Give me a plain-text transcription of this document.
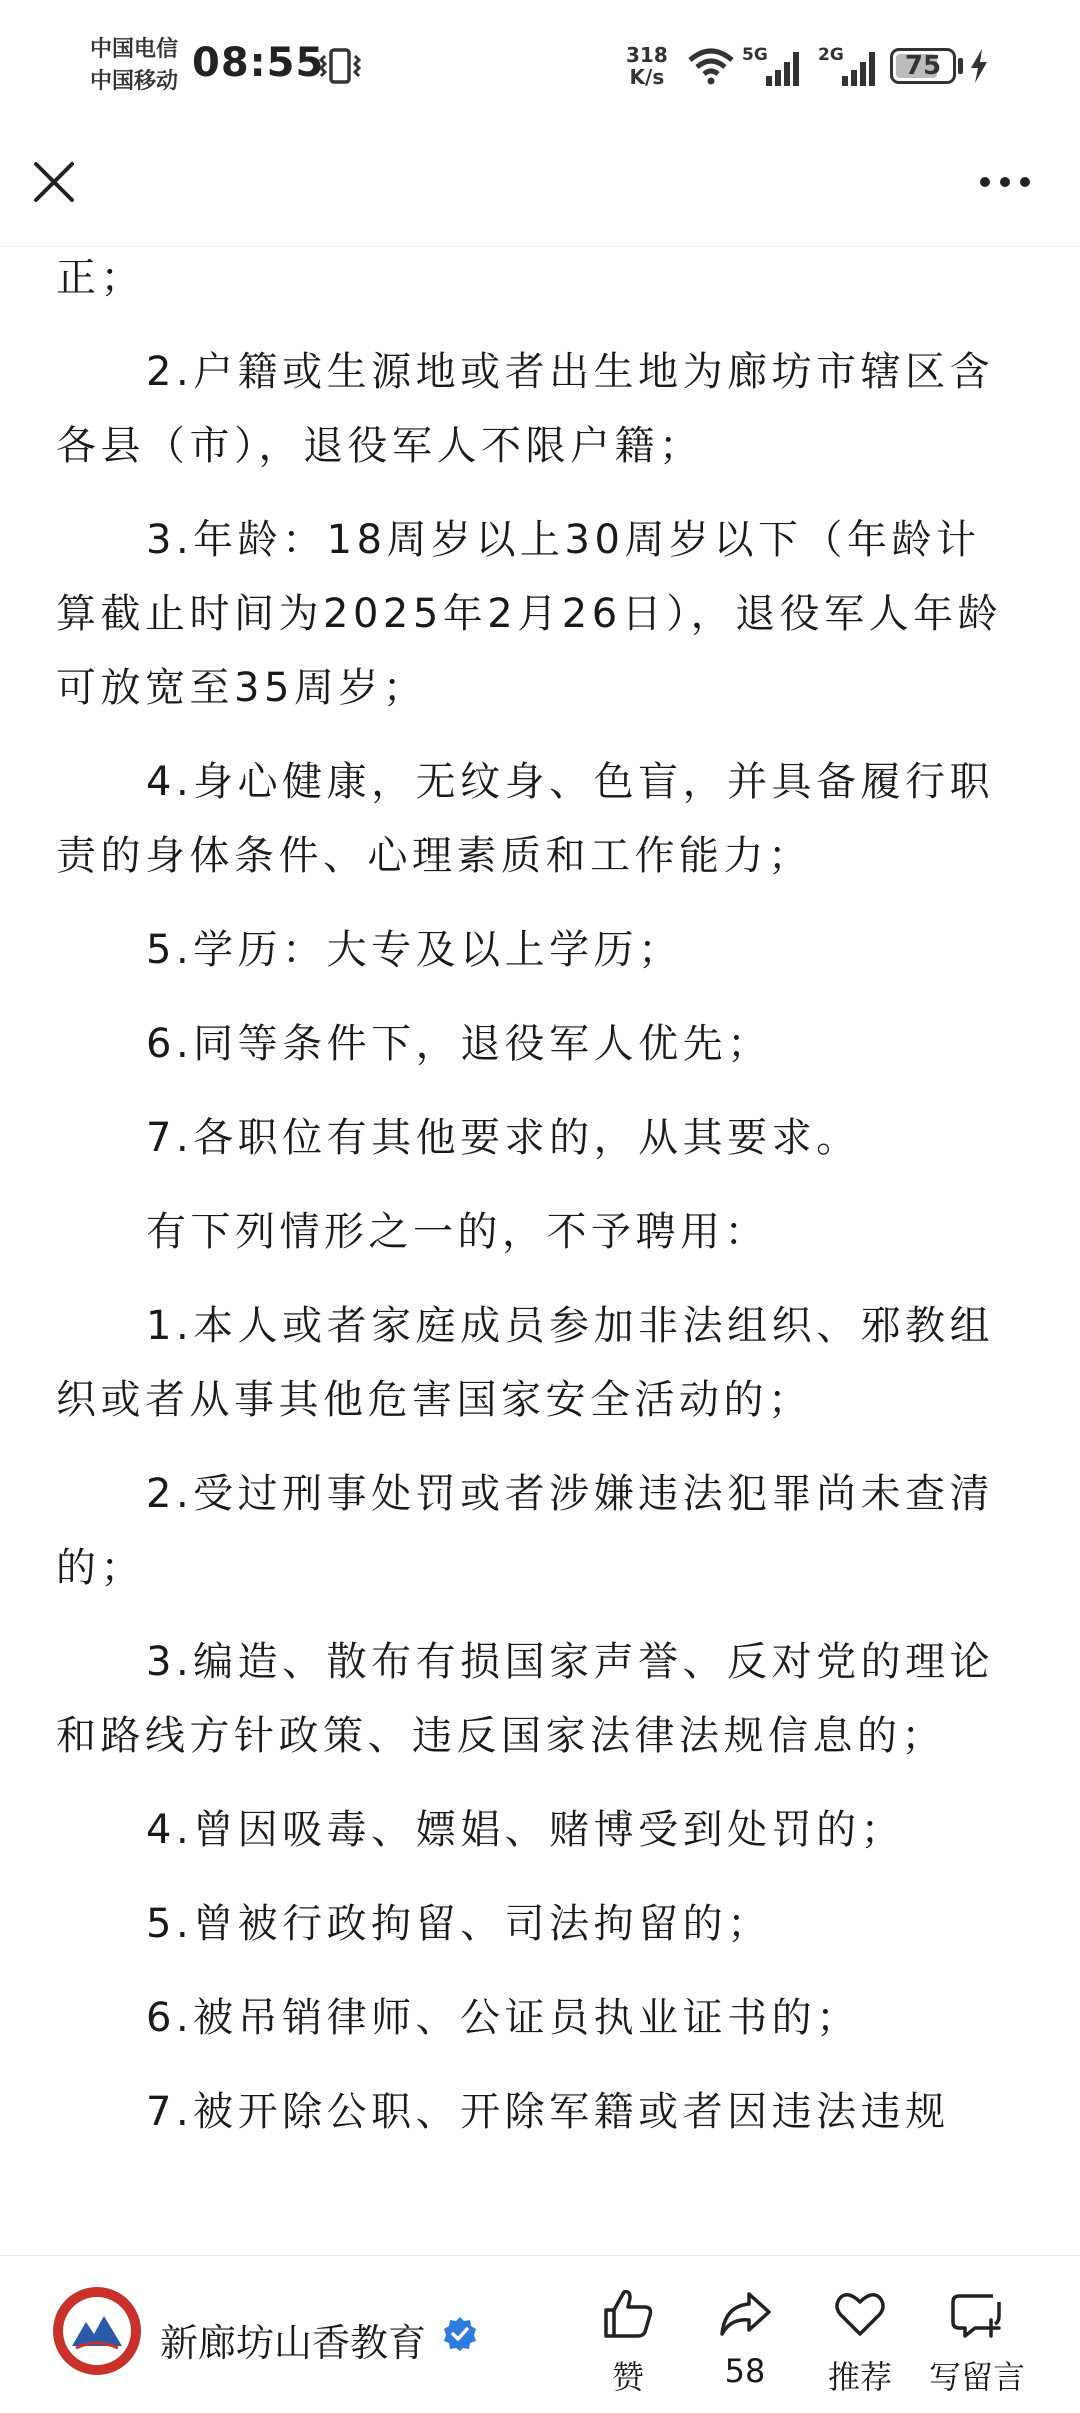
中国电信
中国移动 08:55	318
K/s
5G	2G	75

正；

2.户籍或生源地或者出生地为廊坊市辖区含各县（市），退役军人不限户籍；

3.年龄：18周岁以上30周岁以下（年龄计算截止时间为2025年2月26日），退役军人年龄可放宽至35周岁；

4.身心健康，无纹身、色盲，并具备履行职责的身体条件、心理素质和工作能力；

5.学历：大专及以上学历；

6.同等条件下，退役军人优先；

7.各职位有其他要求的，从其要求。

有下列情形之一的，不予聘用：

1.本人或者家庭成员参加非法组织、邪教组织或者从事其他危害国家安全活动的；

2.受过刑事处罚或者涉嫌违法犯罪尚未查清的；

3.编造、散布有损国家声誉、反对党的理论和路线方针政策、违反国家法律法规信息的；

4.曾因吸毒、嫖娼、赌博受到处罚的；

5.曾被行政拘留、司法拘留的；

6.被吊销律师、公证员执业证书的；

7.被开除公职、开除军籍或者因违法违规

新廊坊山香教育
赞	58	推荐	写留言
